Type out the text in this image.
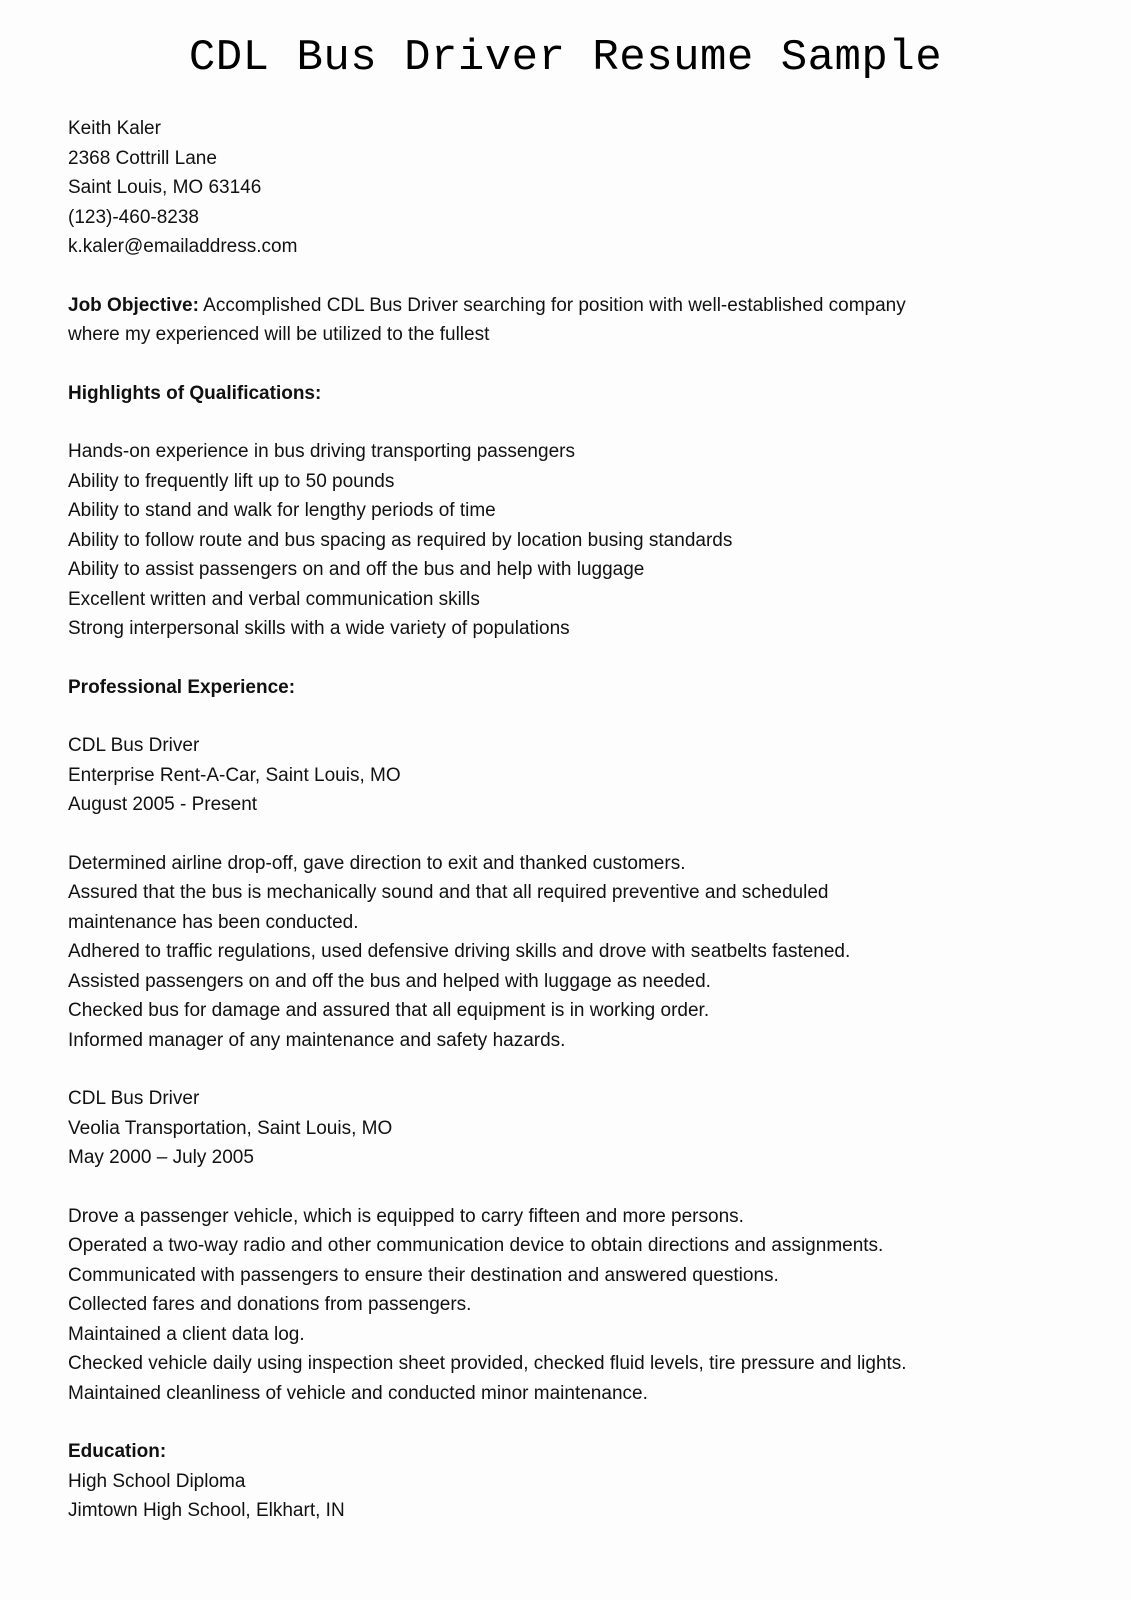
CDL Bus Driver Resume Sample
Keith Kaler
2368 Cottrill Lane
Saint Louis, MO 63146
(123)-460-8238
k.kaler@emailaddress.com
Job Objective: Accomplished CDL Bus Driver searching for position with well-established company
where my experienced will be utilized to the fullest
Highlights of Qualifications:
Hands-on experience in bus driving transporting passengers
Ability to frequently lift up to 50 pounds
Ability to stand and walk for lengthy periods of time
Ability to follow route and bus spacing as required by location busing standards
Ability to assist passengers on and off the bus and help with luggage
Excellent written and verbal communication skills
Strong interpersonal skills with a wide variety of populations
Professional Experience:
CDL Bus Driver
Enterprise Rent-A-Car, Saint Louis, MO
August 2005 - Present
Determined airline drop-off, gave direction to exit and thanked customers.
Assured that the bus is mechanically sound and that all required preventive and scheduled
maintenance has been conducted.
Adhered to traffic regulations, used defensive driving skills and drove with seatbelts fastened.
Assisted passengers on and off the bus and helped with luggage as needed.
Checked bus for damage and assured that all equipment is in working order.
Informed manager of any maintenance and safety hazards.
CDL Bus Driver
Veolia Transportation, Saint Louis, MO
May 2000 – July 2005
Drove a passenger vehicle, which is equipped to carry fifteen and more persons.
Operated a two-way radio and other communication device to obtain directions and assignments.
Communicated with passengers to ensure their destination and answered questions.
Collected fares and donations from passengers.
Maintained a client data log.
Checked vehicle daily using inspection sheet provided, checked fluid levels, tire pressure and lights.
Maintained cleanliness of vehicle and conducted minor maintenance.
Education:
High School Diploma
Jimtown High School, Elkhart, IN
